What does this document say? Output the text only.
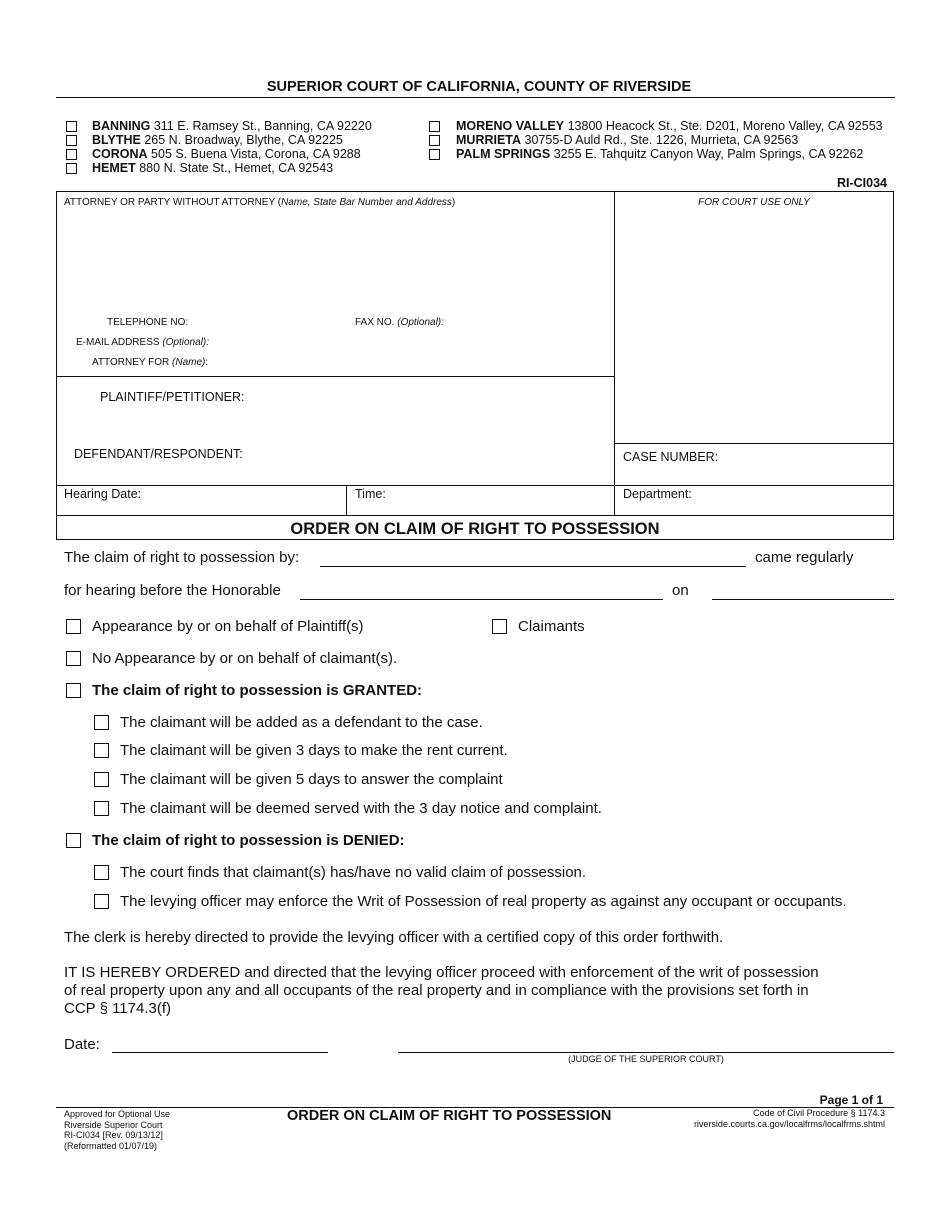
SUPERIOR COURT OF CALIFORNIA, COUNTY OF RIVERSIDE
BANNING 311 E. Ramsey St., Banning, CA 92220
BLYTHE 265 N. Broadway, Blythe, CA 92225
CORONA 505 S. Buena Vista, Corona, CA 9288
HEMET 880 N. State St., Hemet, CA 92543
MORENO VALLEY 13800 Heacock St., Ste. D201, Moreno Valley, CA 92553
MURRIETA 30755-D Auld Rd., Ste. 1226, Murrieta, CA 92563
PALM SPRINGS 3255 E. Tahquitz Canyon Way, Palm Springs, CA 92262
RI-CI034
ATTORNEY OR PARTY WITHOUT ATTORNEY (Name, State Bar Number and Address)	FOR COURT USE ONLY
TELEPHONE NO:	FAX NO. (Optional):
E-MAIL ADDRESS (Optional):
ATTORNEY FOR (Name):
PLAINTIFF/PETITIONER:
DEFENDANT/RESPONDENT:	CASE NUMBER:
Hearing Date:	Time:	Department:
ORDER ON CLAIM OF RIGHT TO POSSESSION
The claim of right to possession by:	came regularly
for hearing before the Honorable	on
Appearance by or on behalf of Plaintiff(s)	Claimants
No Appearance by or on behalf of claimant(s).
The claim of right to possession is GRANTED:
The claimant will be added as a defendant to the case.
The claimant will be given 3 days to make the rent current.
The claimant will be given 5 days to answer the complaint
The claimant will be deemed served with the 3 day notice and complaint.
The claim of right to possession is DENIED:
The court finds that claimant(s) has/have no valid claim of possession.
The levying officer may enforce the Writ of Possession of real property as against any occupant or occupants.
The clerk is hereby directed to provide the levying officer with a certified copy of this order forthwith.
IT IS HEREBY ORDERED and directed that the levying officer proceed with enforcement of the writ of possession
of real property upon any and all occupants of the real property and in compliance with the provisions set forth in
CCP § 1174.3(f)
Date:
(JUDGE OF THE SUPERIOR COURT)
Page 1 of 1
Approved for Optional Use
Riverside Superior Court
RI-CI034 [Rev. 09/13/12]
(Reformatted 01/07/19)
ORDER ON CLAIM OF RIGHT TO POSSESSION	Code of Civil Procedure § 1174.3
riverside.courts.ca.gov/localfrms/localfrms.shtml
